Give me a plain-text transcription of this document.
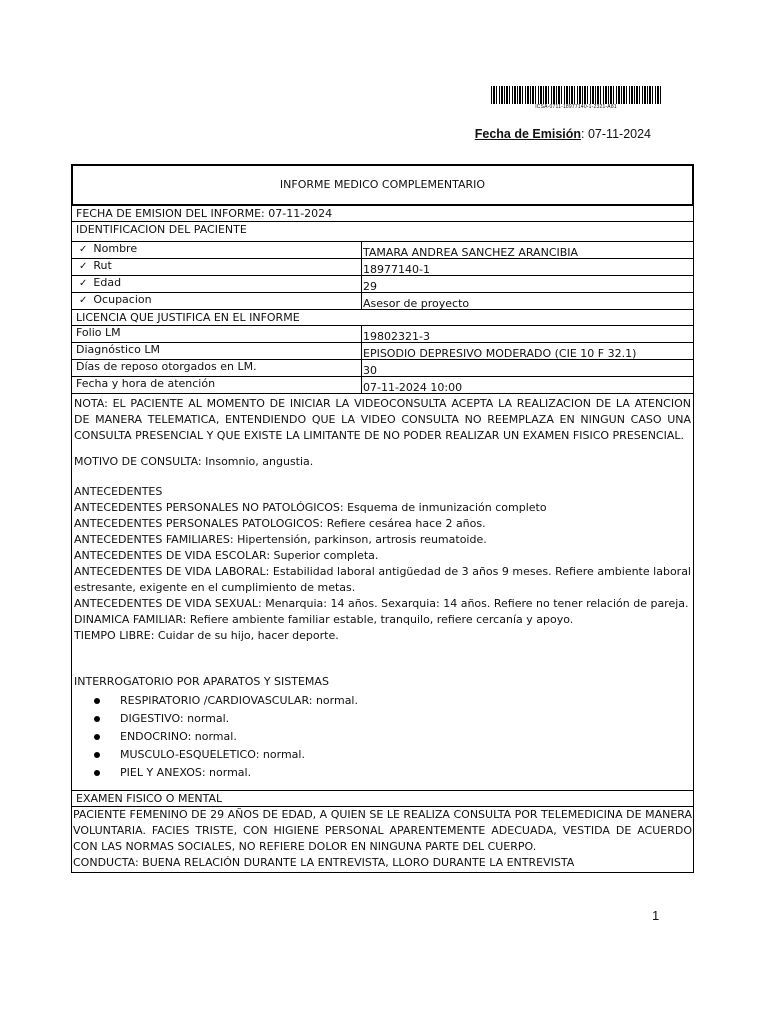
ICSA-0711-18977140-1-2321-A81
Fecha de Emisión: 07-11-2024
INFORME MEDICO COMPLEMENTARIO
FECHA DE EMISION DEL INFORME: 07-11-2024
IDENTIFICACION DEL PACIENTE
✓ Nombre	TAMARA ANDREA SANCHEZ ARANCIBIA
✓ Rut	18977140-1
✓ Edad	29
✓ Ocupacion	Asesor de proyecto
LICENCIA QUE JUSTIFICA EN EL INFORME
Folio LM	19802321-3
Diagnóstico LM	EPISODIO DEPRESIVO MODERADO (CIE 10 F 32.1)
Días de reposo otorgados en LM.	30
Fecha y hora de atención	07-11-2024 10:00

NOTA: EL PACIENTE AL MOMENTO DE INICIAR LA VIDEOCONSULTA ACEPTA LA REALIZACION DE LA ATENCION DE MANERA TELEMATICA, ENTENDIENDO QUE LA VIDEO CONSULTA NO REEMPLAZA EN NINGUN CASO UNA CONSULTA PRESENCIAL Y QUE EXISTE LA LIMITANTE DE NO PODER REALIZAR UN EXAMEN FISICO PRESENCIAL.

MOTIVO DE CONSULTA: Insomnio, angustia.

ANTECEDENTES

ANTECEDENTES PERSONALES NO PATOLÓGICOS: Esquema de inmunización completo

ANTECEDENTES PERSONALES PATOLOGICOS: Refiere cesárea hace 2 años.

ANTECEDENTES FAMILIARES: Hipertensión, parkinson, artrosis reumatoide.

ANTECEDENTES DE VIDA ESCOLAR: Superior completa.

ANTECEDENTES DE VIDA LABORAL: Estabilidad laboral antigüedad de 3 años 9 meses. Refiere ambiente laboral estresante, exigente en el cumplimiento de metas.

ANTECEDENTES DE VIDA SEXUAL: Menarquia: 14 años. Sexarquia: 14 años. Refiere no tener relación de pareja.

DINAMICA FAMILIAR: Refiere ambiente familiar estable, tranquilo, refiere cercanía y apoyo.

TIEMPO LIBRE: Cuidar de su hijo, hacer deporte.

INTERROGATORIO POR APARATOS Y SISTEMAS

RESPIRATORIO /CARDIOVASCULAR: normal.
DIGESTIVO: normal.
ENDOCRINO: normal.
MUSCULO-ESQUELETICO: normal.
PIEL Y ANEXOS: normal.
EXAMEN FISICO O MENTAL

PACIENTE FEMENINO DE 29 AÑOS DE EDAD, A QUIEN SE LE REALIZA CONSULTA POR TELEMEDICINA DE MANERA VOLUNTARIA. FACIES TRISTE, CON HIGIENE PERSONAL APARENTEMENTE ADECUADA, VESTIDA DE ACUERDO CON LAS NORMAS SOCIALES, NO REFIERE DOLOR EN NINGUNA PARTE DEL CUERPO.

CONDUCTA: BUENA RELACIÓN DURANTE LA ENTREVISTA, LLORO DURANTE LA ENTREVISTA

1
